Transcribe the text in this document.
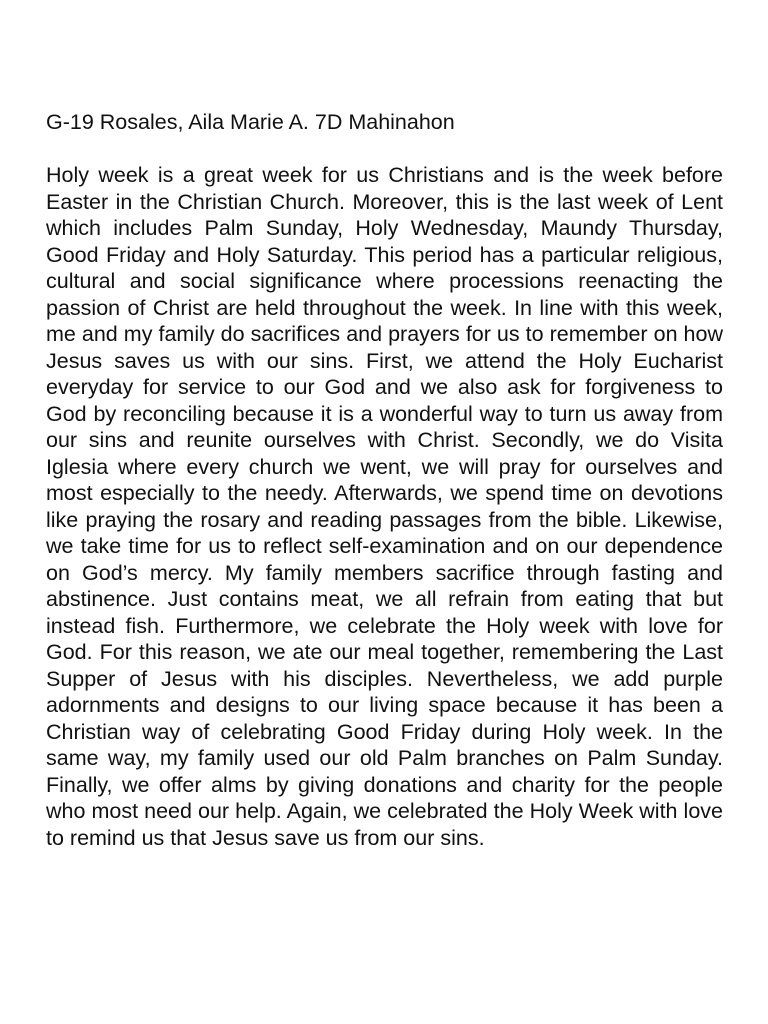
G-19 Rosales, Aila Marie A. 7D Mahinahon

Holy week is a great week for us Christians and is the week before Easter in the Christian Church. Moreover, this is the last week of Lent which includes Palm Sunday, Holy Wednesday, Maundy Thursday, Good Friday and Holy Saturday. This period has a particular religious, cultural and social significance where processions reenacting the passion of Christ are held throughout the week. In line with this week, me and my family do sacrifices and prayers for us to remember on how Jesus saves us with our sins. First, we attend the Holy Eucharist everyday for service to our God and we also ask for forgiveness to God by reconciling because it is a wonderful way to turn us away from our sins and reunite ourselves with Christ. Secondly, we do Visita Iglesia where every church we went, we will pray for ourselves and most especially to the needy. Afterwards, we spend time on devotions like praying the rosary and reading passages from the bible. Likewise, we take time for us to reflect self-examination and on our dependence on God’s mercy. My family members sacrifice through fasting and abstinence. Just contains meat, we all refrain from eating that but instead fish. Furthermore, we celebrate the Holy week with love for God. For this reason, we ate our meal together, remembering the Last Supper of Jesus with his disciples. Nevertheless, we add purple adornments and designs to our living space because it has been a Christian way of celebrating Good Friday during Holy week. In the same way, my family used our old Palm branches on Palm Sunday. Finally, we offer alms by giving donations and charity for the people who most need our help. Again, we celebrated the Holy Week with love to remind us that Jesus save us from our sins.
